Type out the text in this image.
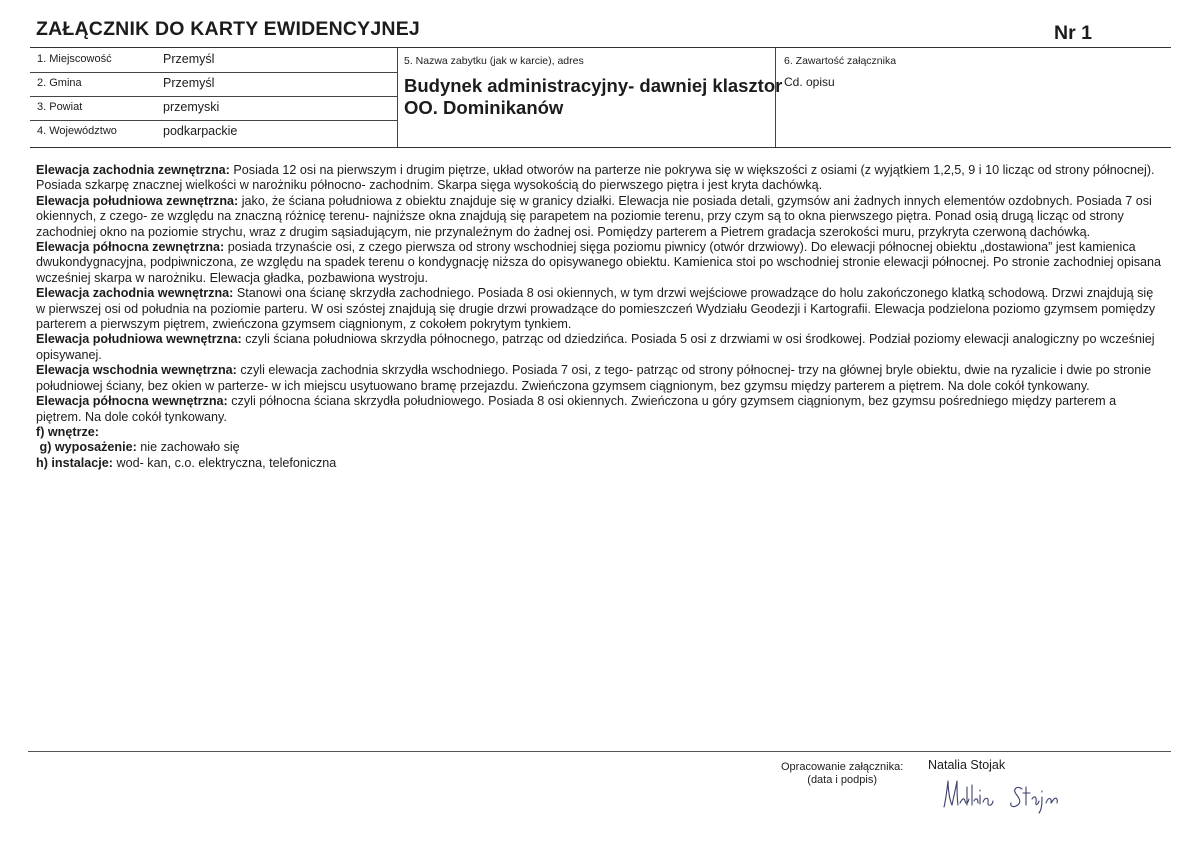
ZAŁĄCZNIK DO KARTY EWIDENCYJNEJ	Nr 1
1. Miejscowość	Przemyśl
2. Gmina	Przemyśl
3. Powiat	przemyski
4. Województwo	podkarpackie
5. Nazwa zabytku (jak w karcie), adres
Budynek administracyjny- dawniej klasztor OO. Dominikanów
6. Zawartość załącznika
Cd. opisu

Elewacja zachodnia zewnętrzna: Posiada 12 osi na pierwszym i drugim piętrze, układ otworów na parterze nie pokrywa się w większości z osiami (z wyjątkiem 1,2,5, 9 i 10 licząc od strony północnej). Posiada szkarpę znacznej wielkości w narożniku północno- zachodnim. Skarpa sięga wysokością do pierwszego piętra i jest kryta dachówką.

Elewacja południowa zewnętrzna: jako, że ściana południowa z obiektu znajduje się w granicy działki. Elewacja nie posiada detali, gzymsów ani żadnych innych elementów ozdobnych. Posiada 7 osi okiennych, z czego- ze względu na znaczną różnicę terenu- najniższe okna znajdują się parapetem na poziomie terenu, przy czym są to okna pierwszego piętra. Ponad osią drugą licząc od strony zachodniej okno na poziomie strychu, wraz z drugim sąsiadującym, nie przynależnym do żadnej osi. Pomiędzy parterem a Pietrem gradacja szerokości muru, przykryta czerwoną dachówką.

Elewacja północna zewnętrzna: posiada trzynaście osi, z czego pierwsza od strony wschodniej sięga poziomu piwnicy (otwór drzwiowy). Do elewacji północnej obiektu „dostawiona” jest kamienica dwukondygnacyjna, podpiwniczona, ze względu na spadek terenu o kondygnację niższa do opisywanego obiektu. Kamienica stoi po wschodniej stronie elewacji północnej. Po stronie zachodniej opisana wcześniej skarpa w narożniku. Elewacja gładka, pozbawiona wystroju.

Elewacja zachodnia wewnętrzna: Stanowi ona ścianę skrzydła zachodniego. Posiada 8 osi okiennych, w tym drzwi wejściowe prowadzące do holu zakończonego klatką schodową. Drzwi znajdują się w pierwszej osi od południa na poziomie parteru. W osi szóstej znajdują się drugie drzwi prowadzące do pomieszczeń Wydziału Geodezji i Kartografii. Elewacja podzielona poziomo gzymsem pomiędzy parterem a pierwszym piętrem, zwieńczona gzymsem ciągnionym, z cokołem pokrytym tynkiem.

Elewacja południowa wewnętrzna: czyli ściana południowa skrzydła północnego, patrząc od dziedzińca. Posiada 5 osi z drzwiami w osi środkowej. Podział poziomy elewacji analogiczny po wcześniej opisywanej.

Elewacja wschodnia wewnętrzna: czyli elewacja zachodnia skrzydła wschodniego. Posiada 7 osi, z tego- patrząc od strony północnej- trzy na głównej bryle obiektu, dwie na ryzalicie i dwie po stronie południowej ściany, bez okien w parterze- w ich miejscu usytuowano bramę przejazdu. Zwieńczona gzymsem ciągnionym, bez gzymsu między parterem a piętrem. Na dole cokół tynkowany.

Elewacja północna wewnętrzna: czyli północna ściana skrzydła południowego. Posiada 8 osi okiennych. Zwieńczona u góry gzymsem ciągnionym, bez gzymsu pośredniego między parterem a piętrem. Na dole cokół tynkowany.

f) wnętrze:

g) wyposażenie: nie zachowało się

h) instalacje: wod- kan, c.o. elektryczna, telefoniczna

Opracowanie załącznika:
(data i podpis)
Natalia Stojak
